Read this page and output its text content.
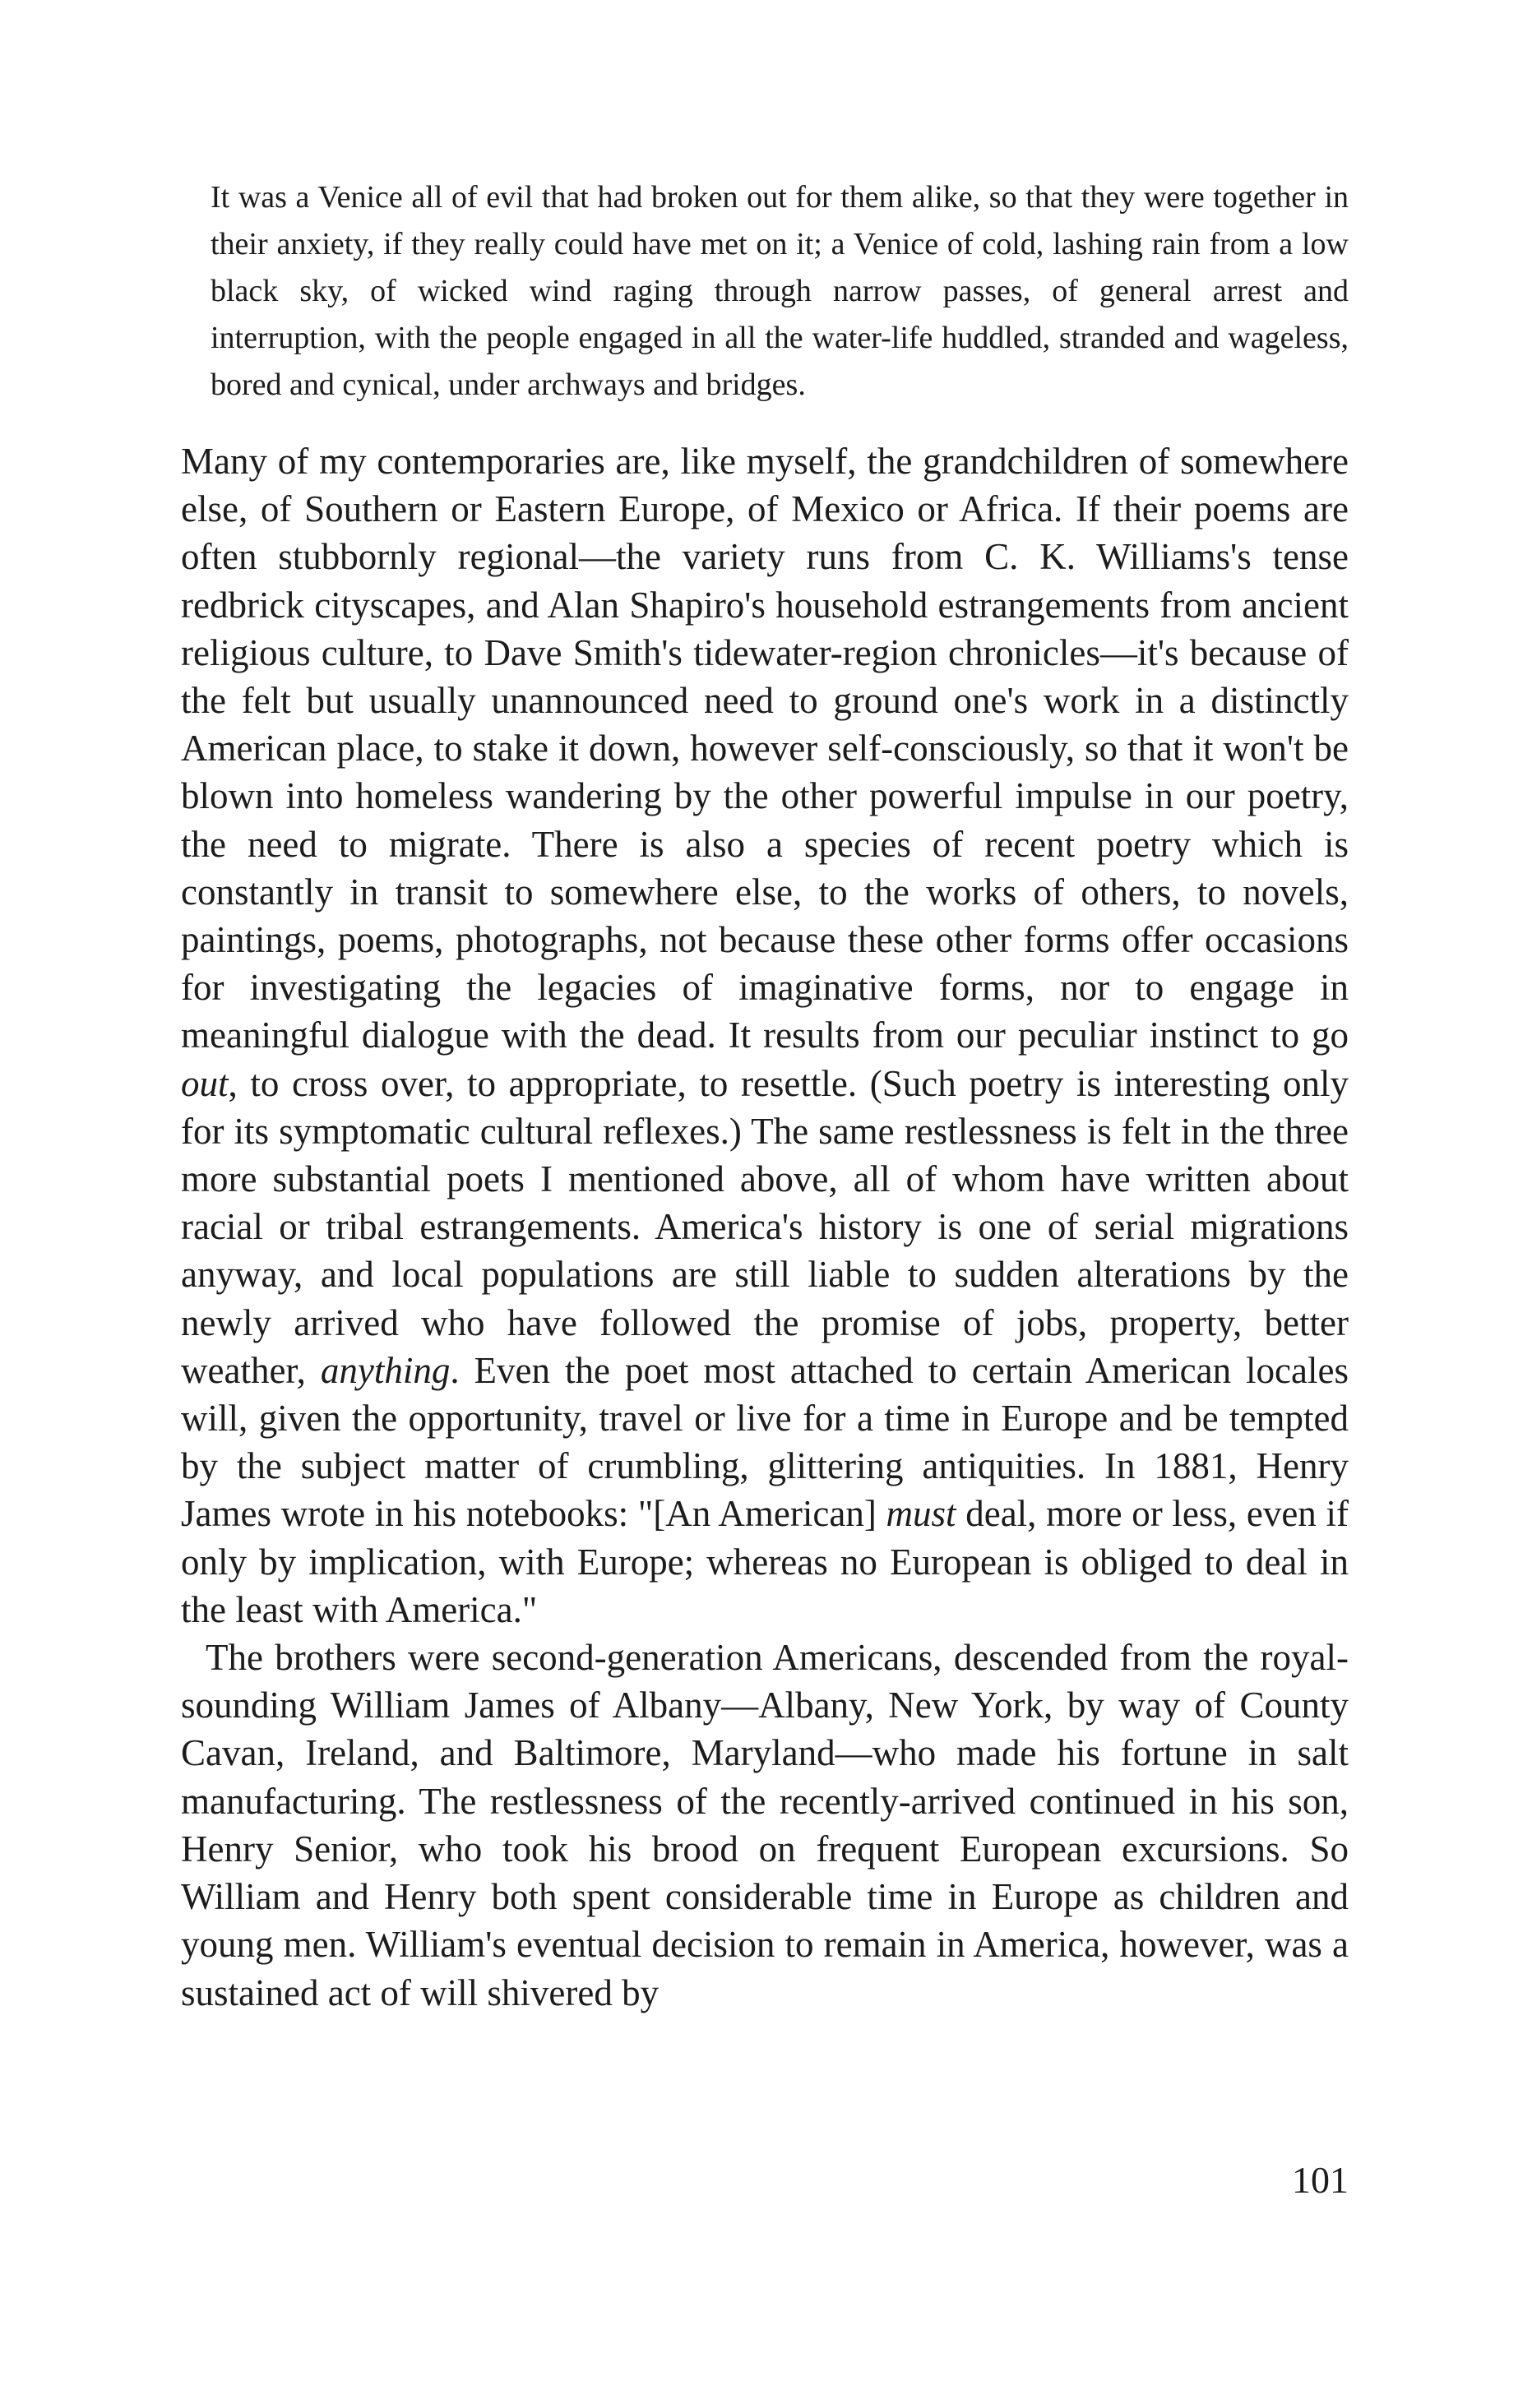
It was a Venice all of evil that had broken out for them alike, so that they were together in their anxiety, if they really could have met on it; a Venice of cold, lashing rain from a low black sky, of wicked wind raging through narrow passes, of general arrest and interruption, with the people engaged in all the water-life huddled, stranded and wageless, bored and cynical, under archways and bridges.

Many of my contemporaries are, like myself, the grandchildren of somewhere else, of Southern or Eastern Europe, of Mexico or Africa. If their poems are often stubbornly regional—the variety runs from C. K. Williams's tense redbrick cityscapes, and Alan Shapiro's household estrangements from ancient religious culture, to Dave Smith's tidewater-region chronicles—it's because of the felt but usually unannounced need to ground one's work in a distinctly American place, to stake it down, however self-consciously, so that it won't be blown into homeless wandering by the other powerful impulse in our poetry, the need to migrate. There is also a species of recent poetry which is constantly in transit to somewhere else, to the works of others, to novels, paintings, poems, photographs, not because these other forms offer occasions for investigating the legacies of imaginative forms, nor to engage in meaningful dialogue with the dead. It results from our peculiar instinct to go out, to cross over, to appropriate, to resettle. (Such poetry is interesting only for its symptomatic cultural reflexes.) The same restlessness is felt in the three more substantial poets I mentioned above, all of whom have written about racial or tribal estrangements. America's history is one of serial migrations anyway, and local populations are still liable to sudden alterations by the newly arrived who have followed the promise of jobs, property, better weather, anything. Even the poet most attached to certain American locales will, given the opportunity, travel or live for a time in Europe and be tempted by the subject matter of crumbling, glittering antiquities. In 1881, Henry James wrote in his notebooks: "[An American] must deal, more or less, even if only by implication, with Europe; whereas no European is obliged to deal in the least with America."

The brothers were second-generation Americans, descended from the royal-sounding William James of Albany—Albany, New York, by way of County Cavan, Ireland, and Baltimore, Maryland—who made his fortune in salt manufacturing. The restlessness of the recently-arrived continued in his son, Henry Senior, who took his brood on frequent European excursions. So William and Henry both spent considerable time in Europe as children and young men. William's eventual decision to remain in America, however, was a sustained act of will shivered by

101
